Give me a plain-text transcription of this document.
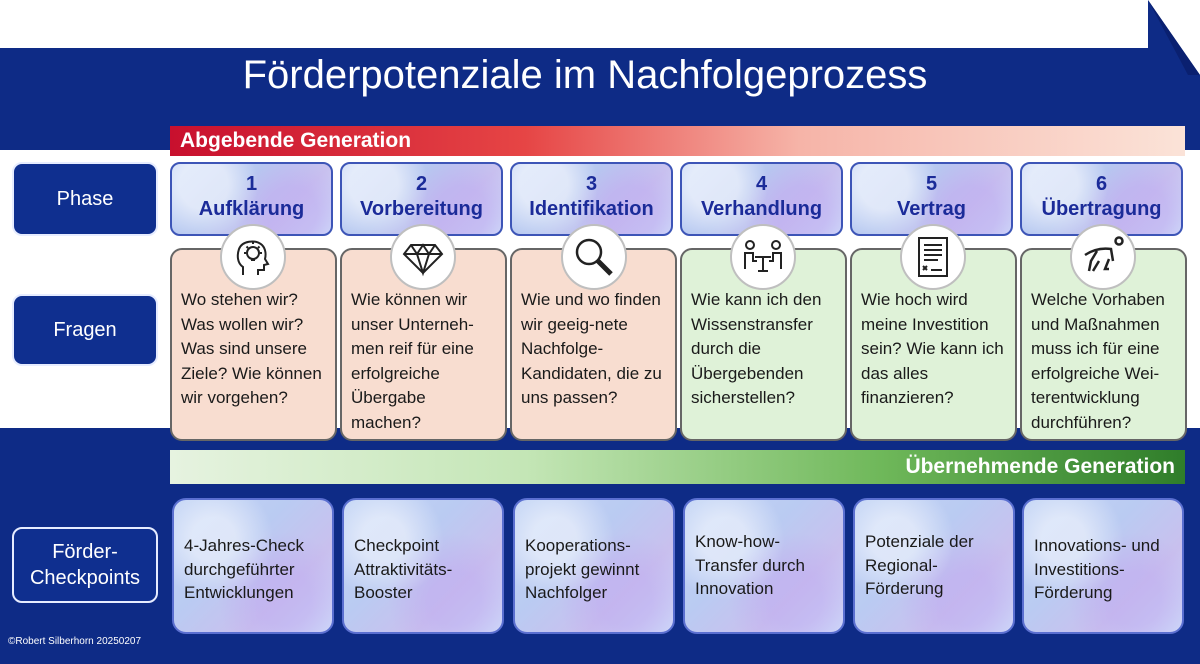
Förderpotenziale im Nachfolgeprozess
Abgebende Generation
Übernehmende Generation
Phase
Fragen
Förder-
Checkpoints
1
Aufklärung
2
Vorbereitung
3
Identifikation
4
Verhandlung
5
Vertrag
6
Übertragung
Wo stehen wir? Was wollen wir? Was sind unsere Ziele? Wie können wir vorgehen?
Wie können wir unser Unterneh-men reif für eine erfolgreiche Übergabe machen?
Wie und wo finden wir geeig-nete Nachfolge-Kandidaten, die zu uns passen?
Wie kann ich den Wissenstransfer durch die Übergebenden sicherstellen?
Wie hoch wird meine Investition sein? Wie kann ich das alles finanzieren?
Welche Vorhaben und Maßnahmen muss ich für eine erfolgreiche Wei-terentwicklung durchführen?
4-Jahres-Check durchgeführter Entwicklungen
Checkpoint Attraktivitäts-Booster
Kooperations-projekt gewinnt Nachfolger
Know-how-Transfer durch Innovation
Potenziale der Regional-Förderung
Innovations- und Investitions-Förderung
©Robert Silberhorn 20250207
